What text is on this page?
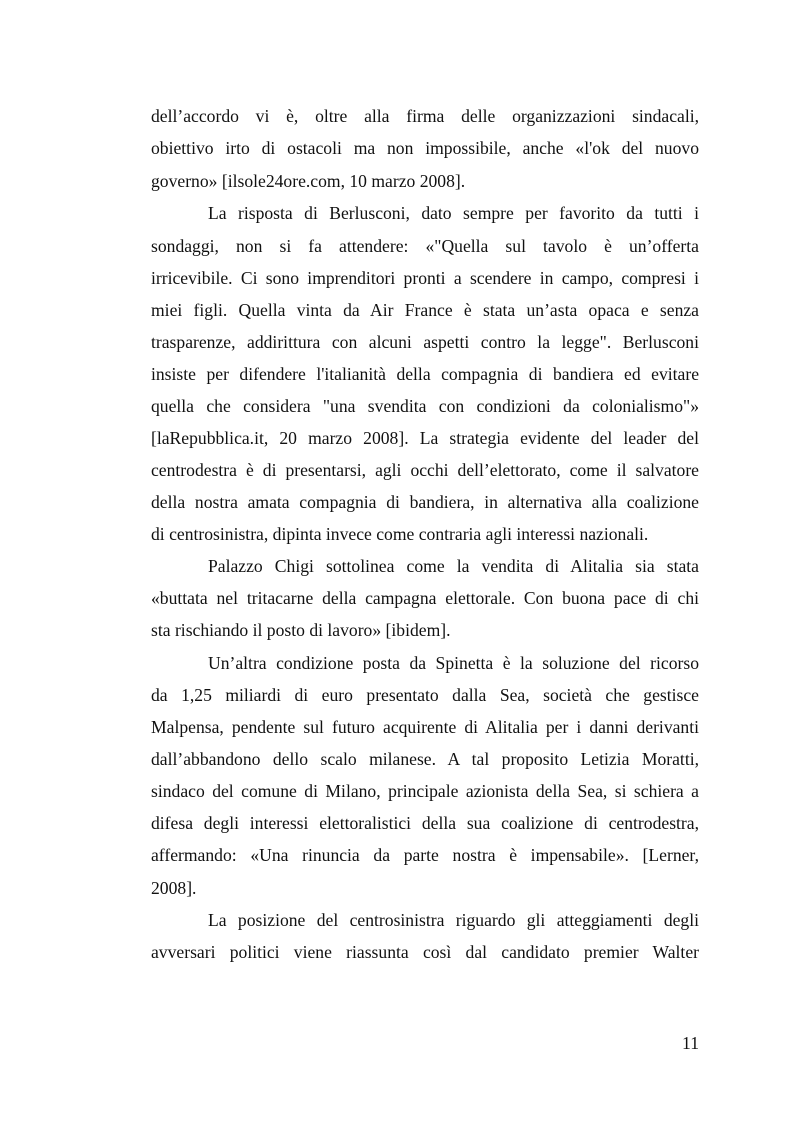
dell’accordo vi è, oltre alla firma delle organizzazioni sindacali,
obiettivo irto di ostacoli ma non impossibile, anche «l'ok del nuovo
governo» [ilsole24ore.com, 10 marzo 2008].
La risposta di Berlusconi, dato sempre per favorito da tutti i
sondaggi, non si fa attendere: «"Quella sul tavolo è un’offerta
irricevibile. Ci sono imprenditori pronti a scendere in campo, compresi i
miei figli. Quella vinta da Air France è stata un’asta opaca e senza
trasparenze, addirittura con alcuni aspetti contro la legge". Berlusconi
insiste per difendere l'italianità della compagnia di bandiera ed evitare
quella che considera "una svendita con condizioni da colonialismo"»
[laRepubblica.it, 20 marzo 2008]. La strategia evidente del leader del
centrodestra è di presentarsi, agli occhi dell’elettorato, come il salvatore
della nostra amata compagnia di bandiera, in alternativa alla coalizione
di centrosinistra, dipinta invece come contraria agli interessi nazionali.
Palazzo Chigi sottolinea come la vendita di Alitalia sia stata
«buttata nel tritacarne della campagna elettorale. Con buona pace di chi
sta rischiando il posto di lavoro» [ibidem].
Un’altra condizione posta da Spinetta è la soluzione del ricorso
da 1,25 miliardi di euro presentato dalla Sea, società che gestisce
Malpensa, pendente sul futuro acquirente di Alitalia per i danni derivanti
dall’abbandono dello scalo milanese. A tal proposito Letizia Moratti,
sindaco del comune di Milano, principale azionista della Sea, si schiera a
difesa degli interessi elettoralistici della sua coalizione di centrodestra,
affermando: «Una rinuncia da parte nostra è impensabile». [Lerner,
2008].
La posizione del centrosinistra riguardo gli atteggiamenti degli
avversari politici viene riassunta così dal candidato premier Walter
11
